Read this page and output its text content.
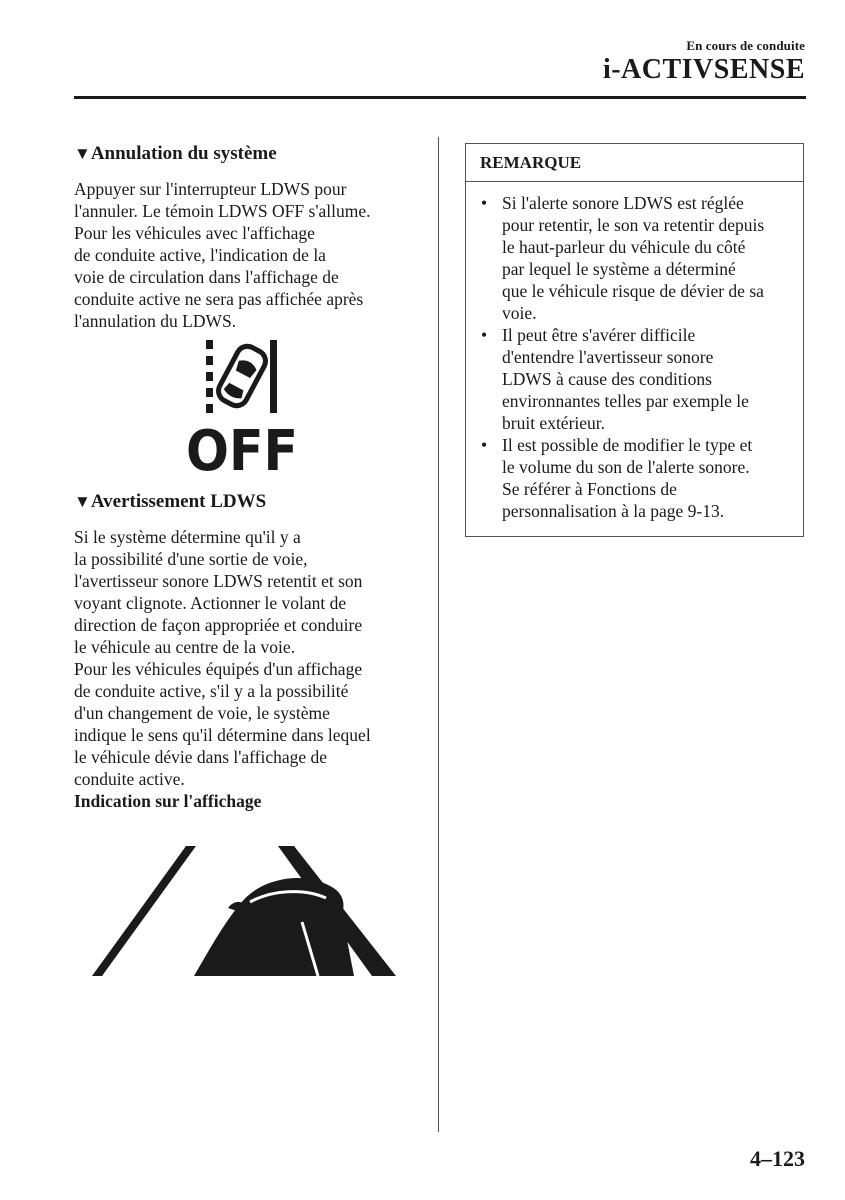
En cours de conduite
i-ACTIVSENSE
▼Annulation du système
Appuyer sur l'interrupteur LDWS pour
l'annuler. Le témoin LDWS OFF s'allume.
Pour les véhicules avec l'affichage
de conduite active, l'indication de la
voie de circulation dans l'affichage de
conduite active ne sera pas affichée après
l'annulation du LDWS.
OFF
▼Avertissement LDWS
Si le système détermine qu'il y a
la possibilité d'une sortie de voie,
l'avertisseur sonore LDWS retentit et son
voyant clignote. Actionner le volant de
direction de façon appropriée et conduire
le véhicule au centre de la voie.
Pour les véhicules équipés d'un affichage
de conduite active, s'il y a la possibilité
d'un changement de voie, le système
indique le sens qu'il détermine dans lequel
le véhicule dévie dans l'affichage de
conduite active.
Indication sur l'affichage
REMARQUE
• Si l'alerte sonore LDWS est réglée
pour retentir, le son va retentir depuis
le haut-parleur du véhicule du côté
par lequel le système a déterminé
que le véhicule risque de dévier de sa
voie.
• Il peut être s'avérer difficile
d'entendre l'avertisseur sonore
LDWS à cause des conditions
environnantes telles par exemple le
bruit extérieur.
• Il est possible de modifier le type et
le volume du son de l'alerte sonore.
Se référer à Fonctions de
personnalisation à la page 9-13.
4–123
